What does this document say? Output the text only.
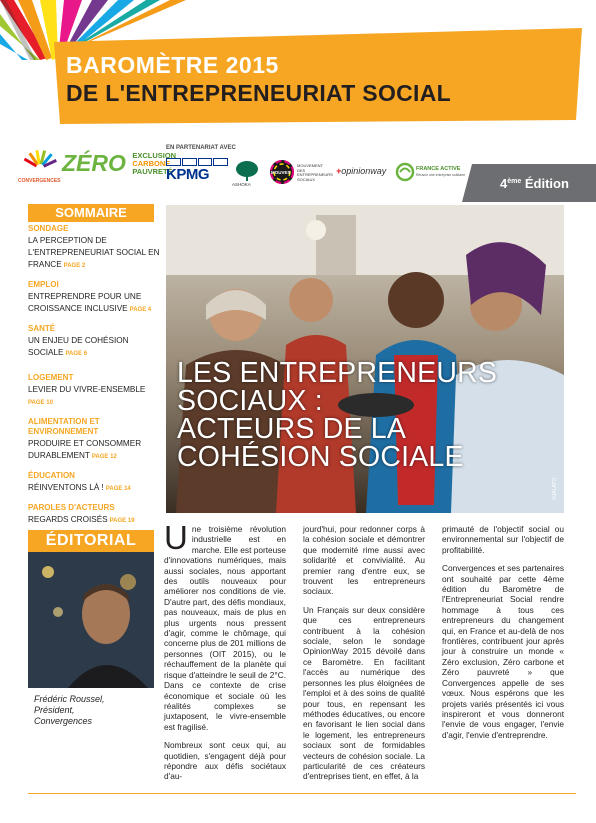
BAROMÈTRE 2015
DE L'ENTREPRENEURIAT SOCIAL
CONVERGENCES
ZÉRO EXCLUSION
CARBONE
PAUVRETÉ
EN PARTENARIAT AVEC
KPMG
ASHOKA
MOUVES
MOUVEMENT DES ENTREPRENEURS SOCIAUX
+opinionway	FRANCE ACTIVE
Réussir une entreprise solidaire
4ème Édition
SOMMAIRE
SONDAGE
LA PERCEPTION DE L'ENTREPRENEURIAT SOCIAL EN FRANCE PAGE 2
EMPLOI
ENTREPRENDRE POUR UNE CROISSANCE INCLUSIVE PAGE 4
SANTÉ
UN ENJEU DE COHÉSION SOCIALE PAGE 6
LOGEMENT
LEVIER DU VIVRE-ENSEMBLE
PAGE 10
ALIMENTATION ET ENVIRONNEMENT
PRODUIRE ET CONSOMMER DURABLEMENT PAGE 12
ÉDUCATION
RÉINVENTONS LÀ ! PAGE 14
PAROLES D'ACTEURS
REGARDS CROISÉS PAGE 19
LES ENTREPRENEURS
SOCIAUX :
ACTEURS DE LA
COHÉSION SOCIALE
©JALATO
ÉDITORIAL
Frédéric Roussel,
Président,
Convergences

Une troisième révolution industrielle est en marche. Elle est porteuse d'innovations numériques, mais aussi sociales, nous apportant des outils nouveaux pour améliorer nos conditions de vie. D'autre part, des défis mondiaux, pas nouveaux, mais de plus en plus urgents nous pressent d'agir, comme le chômage, qui concerne plus de 201 millions de personnes (OIT 2015), ou le réchauffement de la planète qui risque d'atteindre le seuil de 2°C. Dans ce contexte de crise économique et sociale où les réalités complexes se juxtaposent, le vivre-ensemble est fragilisé.

Nombreux sont ceux qui, au quotidien, s'engagent déjà pour répondre aux défis sociétaux d'au-

jourd'hui, pour redonner corps à la cohésion sociale et démontrer que modernité rime aussi avec solidarité et convivialité. Au premier rang d'entre eux, se trouvent les entrepreneurs sociaux.

Un Français sur deux considère que ces entrepreneurs contribuent à la cohésion sociale, selon le sondage OpinionWay 2015 dévoilé dans ce Baromètre. En facilitant l'accès au numérique des personnes les plus éloignées de l'emploi et à des soins de qualité pour tous, en repensant les méthodes éducatives, ou encore en favorisant le lien social dans le logement, les entrepreneurs sociaux sont de formidables vecteurs de cohésion sociale. La particularité de ces créateurs d'entreprises tient, en effet, à la

primauté de l'objectif social ou environnemental sur l'objectif de profitabilité.

Convergences et ses partenaires ont souhaité par cette 4ème édition du Baromètre de l'Entrepreneuriat Social rendre hommage à tous ces entrepreneurs du changement qui, en France et au-delà de nos frontières, contribuent jour après jour à construire un monde « Zéro exclusion, Zéro carbone et Zéro pauvreté » que Convergences appelle de ses vœux. Nous espérons que les projets variés présentés ici vous inspireront et vous donneront l'envie de vous engager, l'envie d'agir, l'envie d'entreprendre.
